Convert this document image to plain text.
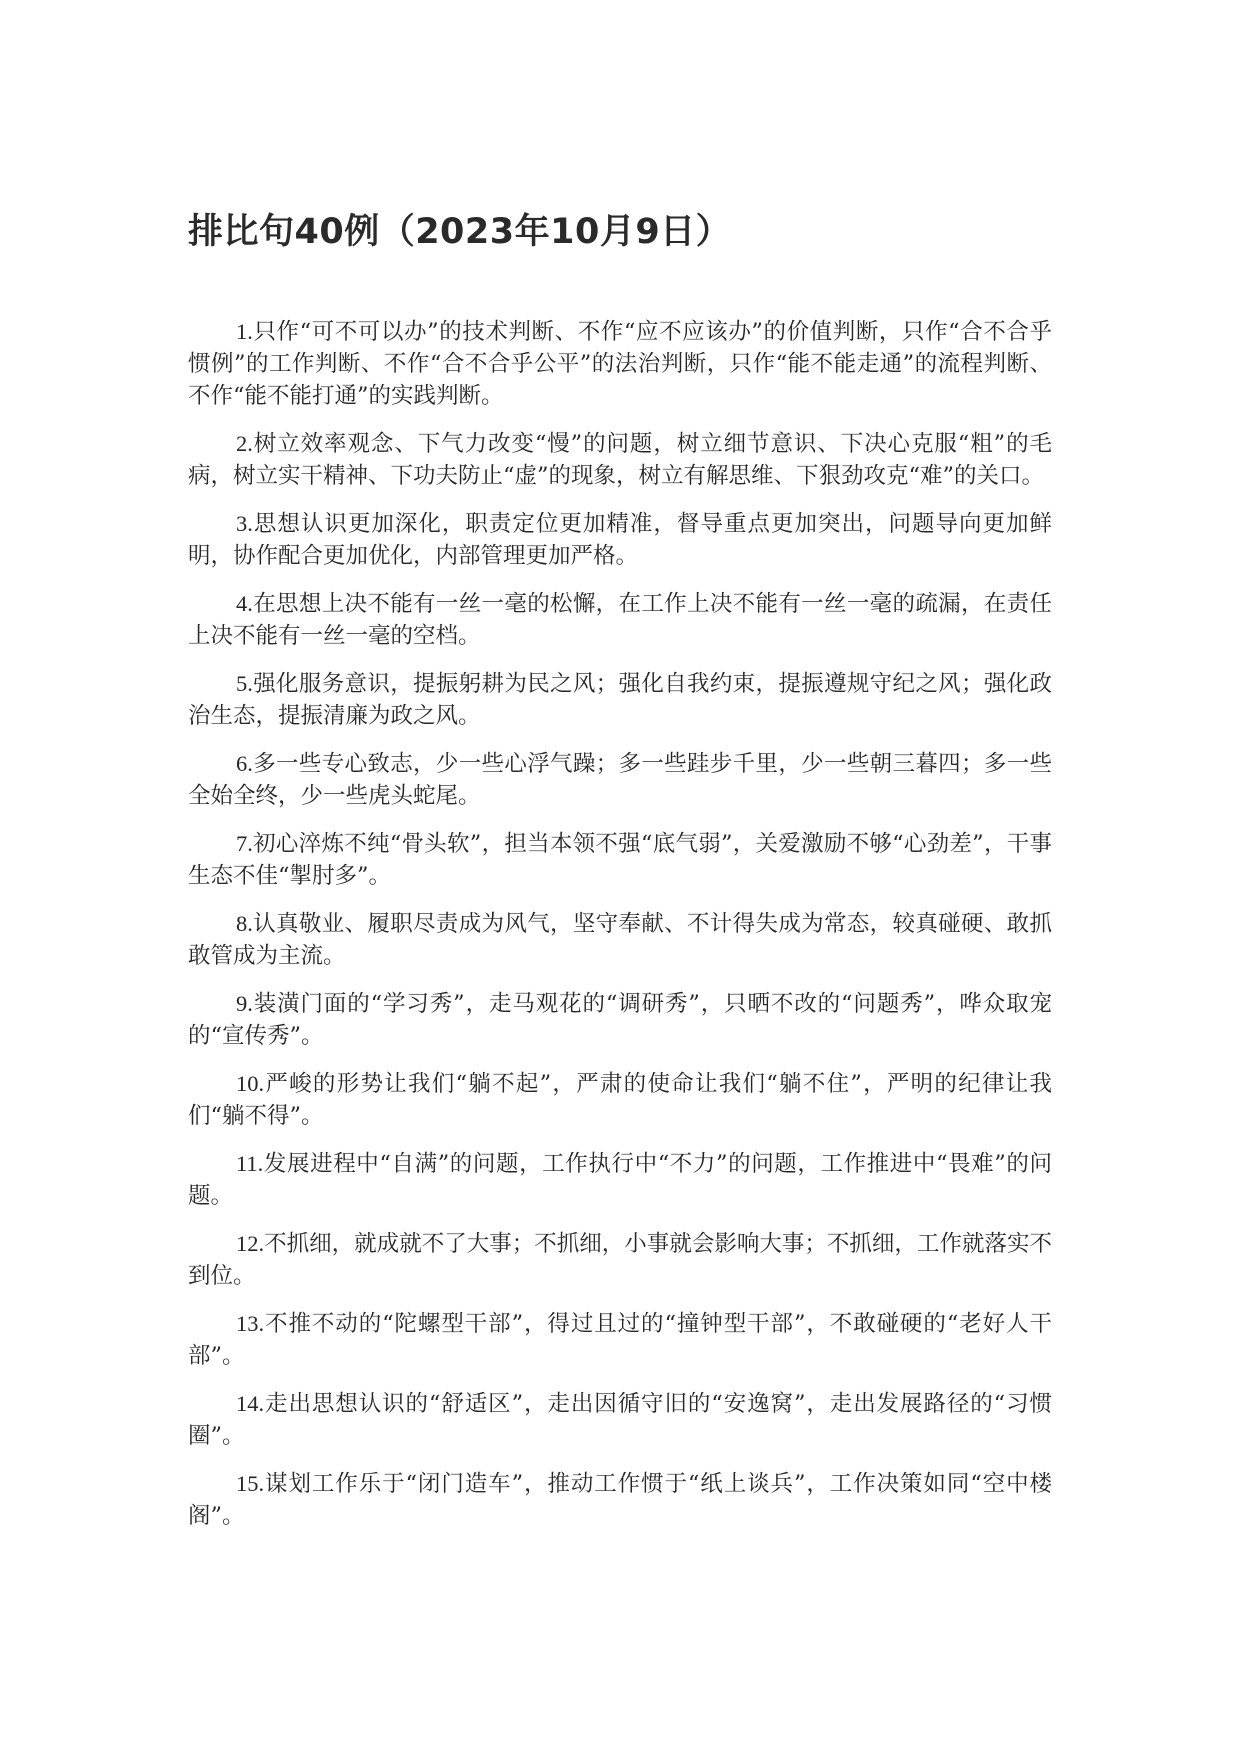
排比句40例（2023年10月9日）

1.只作“可不可以办”的技术判断、不作“应不应该办”的价值判断，只作“合不合乎惯例”的工作判断、不作“合不合乎公平”的法治判断，只作“能不能走通”的流程判断、不作“能不能打通”的实践判断。

2.树立效率观念、下气力改变“慢”的问题，树立细节意识、下决心克服“粗”的毛病，树立实干精神、下功夫防止“虚”的现象，树立有解思维、下狠劲攻克“难”的关口。

3.思想认识更加深化，职责定位更加精准，督导重点更加突出，问题导向更加鲜明，协作配合更加优化，内部管理更加严格。

4.在思想上决不能有一丝一毫的松懈，在工作上决不能有一丝一毫的疏漏，在责任上决不能有一丝一毫的空档。

5.强化服务意识，提振躬耕为民之风；强化自我约束，提振遵规守纪之风；强化政治生态，提振清廉为政之风。

6.多一些专心致志，少一些心浮气躁；多一些跬步千里，少一些朝三暮四；多一些全始全终，少一些虎头蛇尾。

7.初心淬炼不纯“骨头软”，担当本领不强“底气弱”，关爱激励不够“心劲差”，干事生态不佳“掣肘多”。

8.认真敬业、履职尽责成为风气，坚守奉献、不计得失成为常态，较真碰硬、敢抓敢管成为主流。

9.装潢门面的“学习秀”，走马观花的“调研秀”，只晒不改的“问题秀”，哗众取宠的“宣传秀”。

10.严峻的形势让我们“躺不起”，严肃的使命让我们“躺不住”，严明的纪律让我们“躺不得”。

11.发展进程中“自满”的问题，工作执行中“不力”的问题，工作推进中“畏难”的问题。

12.不抓细，就成就不了大事；不抓细，小事就会影响大事；不抓细，工作就落实不到位。

13.不推不动的“陀螺型干部”，得过且过的“撞钟型干部”，不敢碰硬的“老好人干部”。

14.走出思想认识的“舒适区”，走出因循守旧的“安逸窝”，走出发展路径的“习惯圈”。

15.谋划工作乐于“闭门造车”，推动工作惯于“纸上谈兵”，工作决策如同“空中楼阁”。
